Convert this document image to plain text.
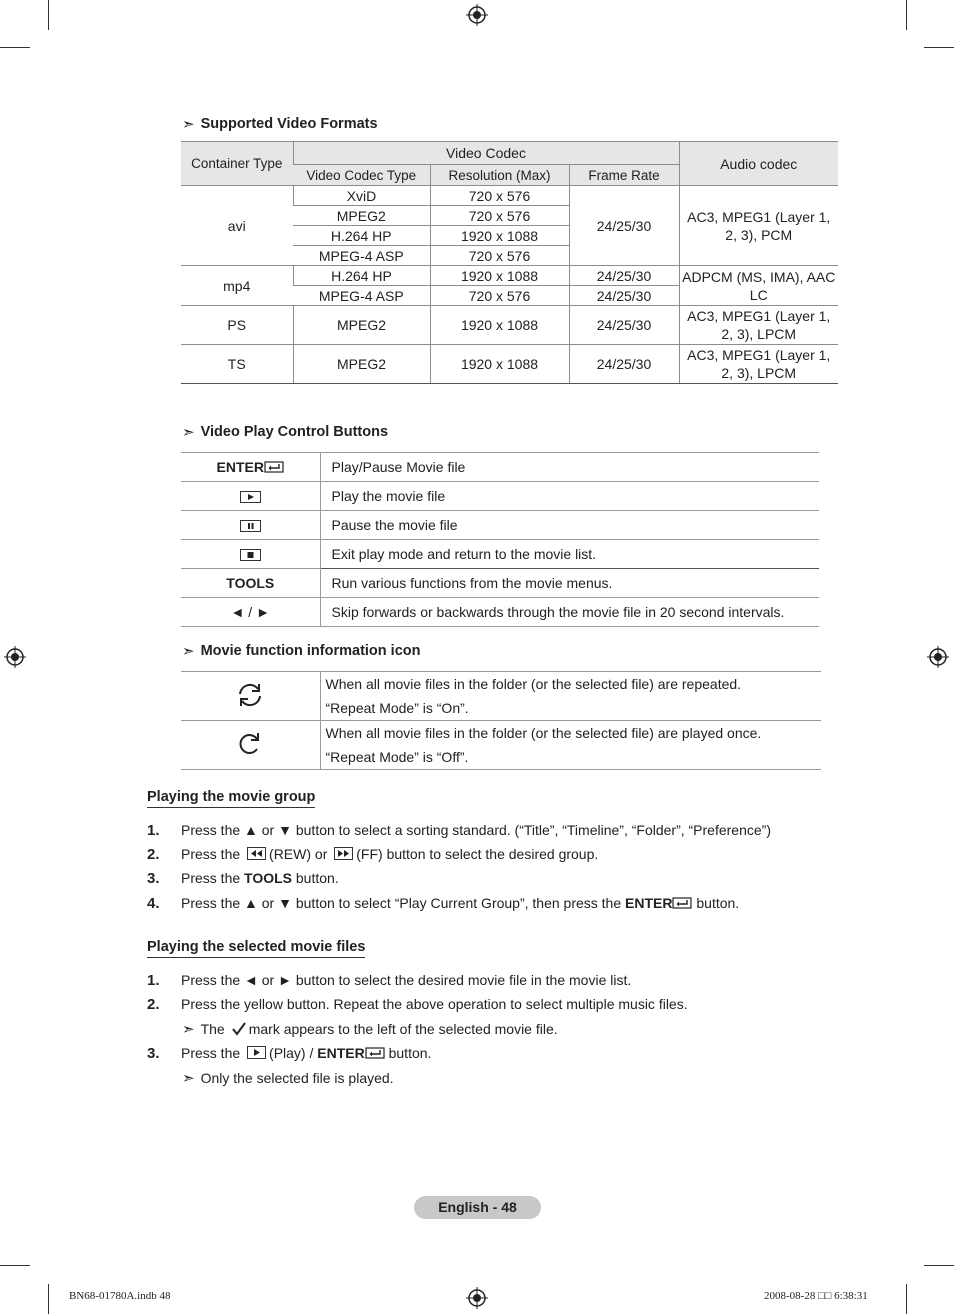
➣ Supported Video Formats
Container Type	Video Codec			Audio codec
	Video Codec Type	Resolution (Max)	Frame Rate	
avi	XviD	720 x 576	24/25/30	AC3, MPEG1 (Layer 1, 2, 3), PCM
	MPEG2	720 x 576		
	H.264 HP	1920 x 1088		
	MPEG-4 ASP	720 x 576		
mp4	H.264 HP	1920 x 1088	24/25/30	ADPCM (MS, IMA), AAC LC
	MPEG-4 ASP	720 x 576	24/25/30	
PS	MPEG2	1920 x 1088	24/25/30	AC3, MPEG1 (Layer 1, 2, 3), LPCM
TS	MPEG2	1920 x 1088	24/25/30	AC3, MPEG1 (Layer 1, 2, 3), LPCM
➣ Video Play Control Buttons
ENTER	Play/Pause Movie file

	Play the movie file

	Pause the movie file

	Exit play mode and return to the movie list.
TOOLS	Run various functions from the movie menus.
◄ / ►	Skip forwards or backwards through the movie file in 20 second intervals.
➣ Movie function information icon

When all movie files in the folder (or the selected file) are repeated.
“Repeat Mode” is “On”.

When all movie files in the folder (or the selected file) are played once.
“Repeat Mode” is “Off”.
Playing the movie group
1.	Press the ▲ or ▼ button to select a sorting standard. (“Title”, “Timeline”, “Folder”, “Preference”)
2.	Press the (REW) or (FF) button to select the desired group.
3.	Press the TOOLS button.
4.	Press the ▲ or ▼ button to select “Play Current Group”, then press the ENTER button.
Playing the selected movie files
1.	Press the ◄ or ► button to select the desired movie file in the movie list.
2.	Press the yellow button. Repeat the above operation to select multiple music files.
➣ The mark appears to the left of the selected movie file.
3.	Press the (Play) / ENTER button.
➣ Only the selected file is played.
English - 48
BN68-01780A.indb 48	2008-08-28 □□ 6:38:31
